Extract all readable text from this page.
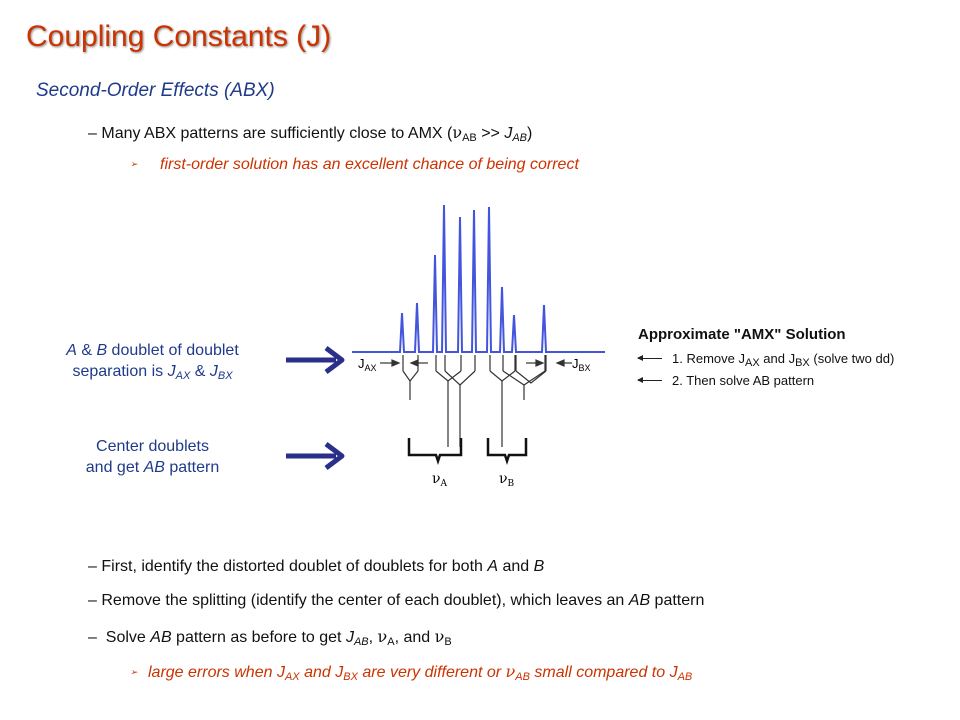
Coupling Constants (J)
Second-Order Effects (ABX)
– Many ABX patterns are sufficiently close to AMX $(\nu_{AB} >> J_{AB})$
➢ first-order solution has an excellent chance of being correct
A & B doublet of doublet
separation is $J_{AX}$ & $J_{BX}$
Center doublets
and get AB pattern
$\nu_A$	$\nu_B$
$J_{AX}$	$J_{BX}$
Approximate "AMX" Solution
1. Remove $J_{AX}$ and $J_{BX}$ (solve two dd)
2. Then solve AB pattern
– First, identify the distorted doublet of doublets for both A and B
– Remove the splitting (identify the center of each doublet), which leaves an AB pattern
– Solve AB pattern as before to get $J_{AB}$, $\nu_A$, and $\nu_B$
➢ large errors when $J_{AX}$ and $J_{BX}$ are very different or $\nu_{AB}$ small compared to $J_{AB}$
